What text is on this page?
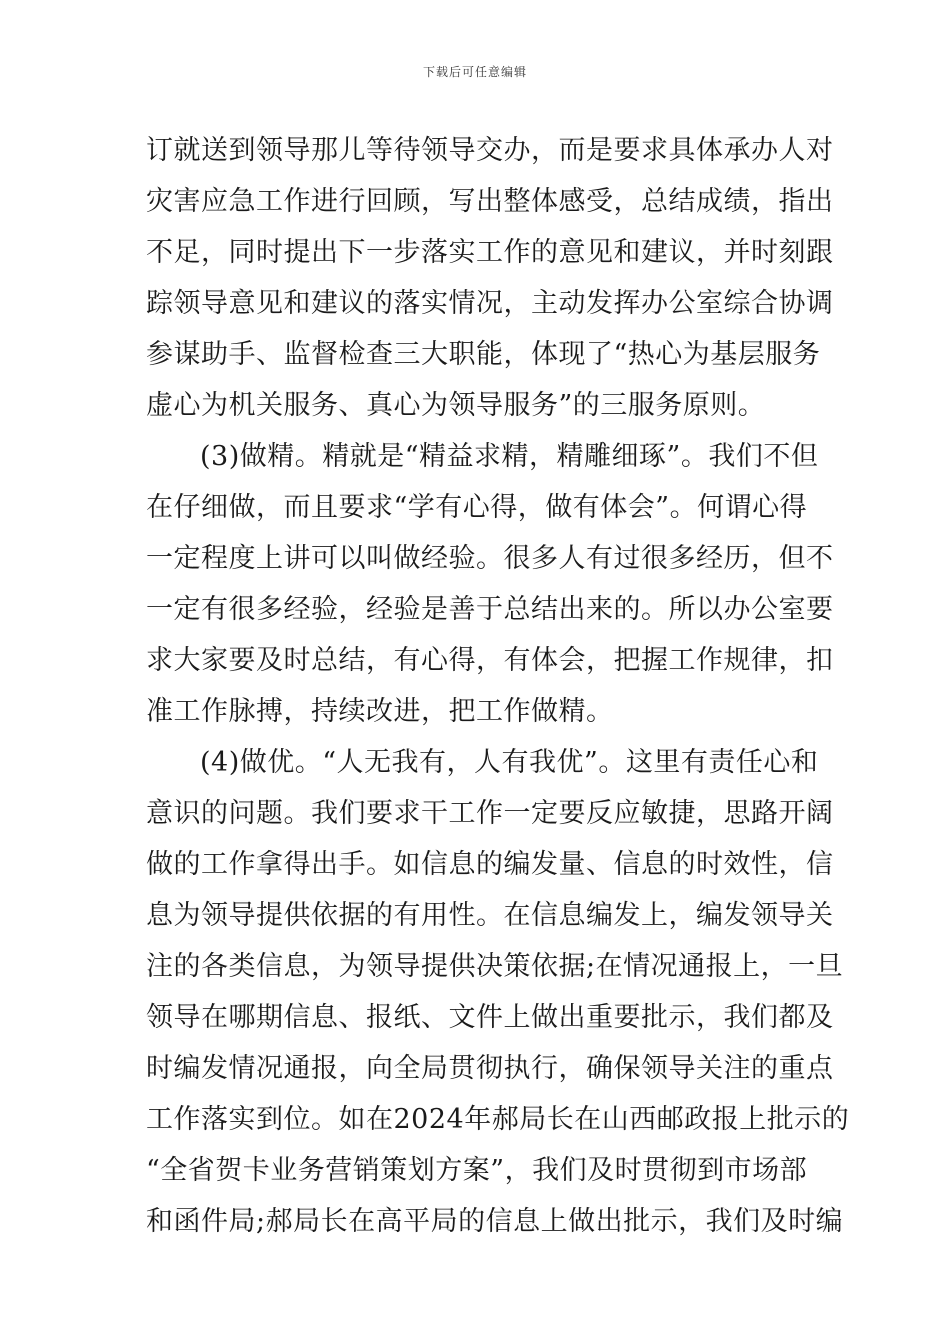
下载后可任意编辑
订就送到领导那儿等待领导交办，而是要求具体承办人对
灾害应急工作进行回顾，写出整体感受，总结成绩，指出
不足，同时提出下一步落实工作的意见和建议，并时刻跟
踪领导意见和建议的落实情况，主动发挥办公室综合协调
参谋助手、监督检查三大职能，体现了“热心为基层服务
虚心为机关服务、真心为领导服务”的三服务原则。
(3)做精。精就是“精益求精，精雕细琢”。我们不但
在仔细做，而且要求“学有心得，做有体会”。何谓心得
一定程度上讲可以叫做经验。很多人有过很多经历，但不
一定有很多经验，经验是善于总结出来的。所以办公室要
求大家要及时总结，有心得，有体会，把握工作规律，扣
准工作脉搏，持续改进，把工作做精。
(4)做优。“人无我有，人有我优”。这里有责任心和
意识的问题。我们要求干工作一定要反应敏捷，思路开阔
做的工作拿得出手。如信息的编发量、信息的时效性，信
息为领导提供依据的有用性。在信息编发上，编发领导关
注的各类信息，为领导提供决策依据;在情况通报上，一旦
领导在哪期信息、报纸、文件上做出重要批示，我们都及
时编发情况通报，向全局贯彻执行，确保领导关注的重点
工作落实到位。如在2024年郝局长在山西邮政报上批示的
“全省贺卡业务营销策划方案”，我们及时贯彻到市场部
和函件局;郝局长在高平局的信息上做出批示，我们及时编
